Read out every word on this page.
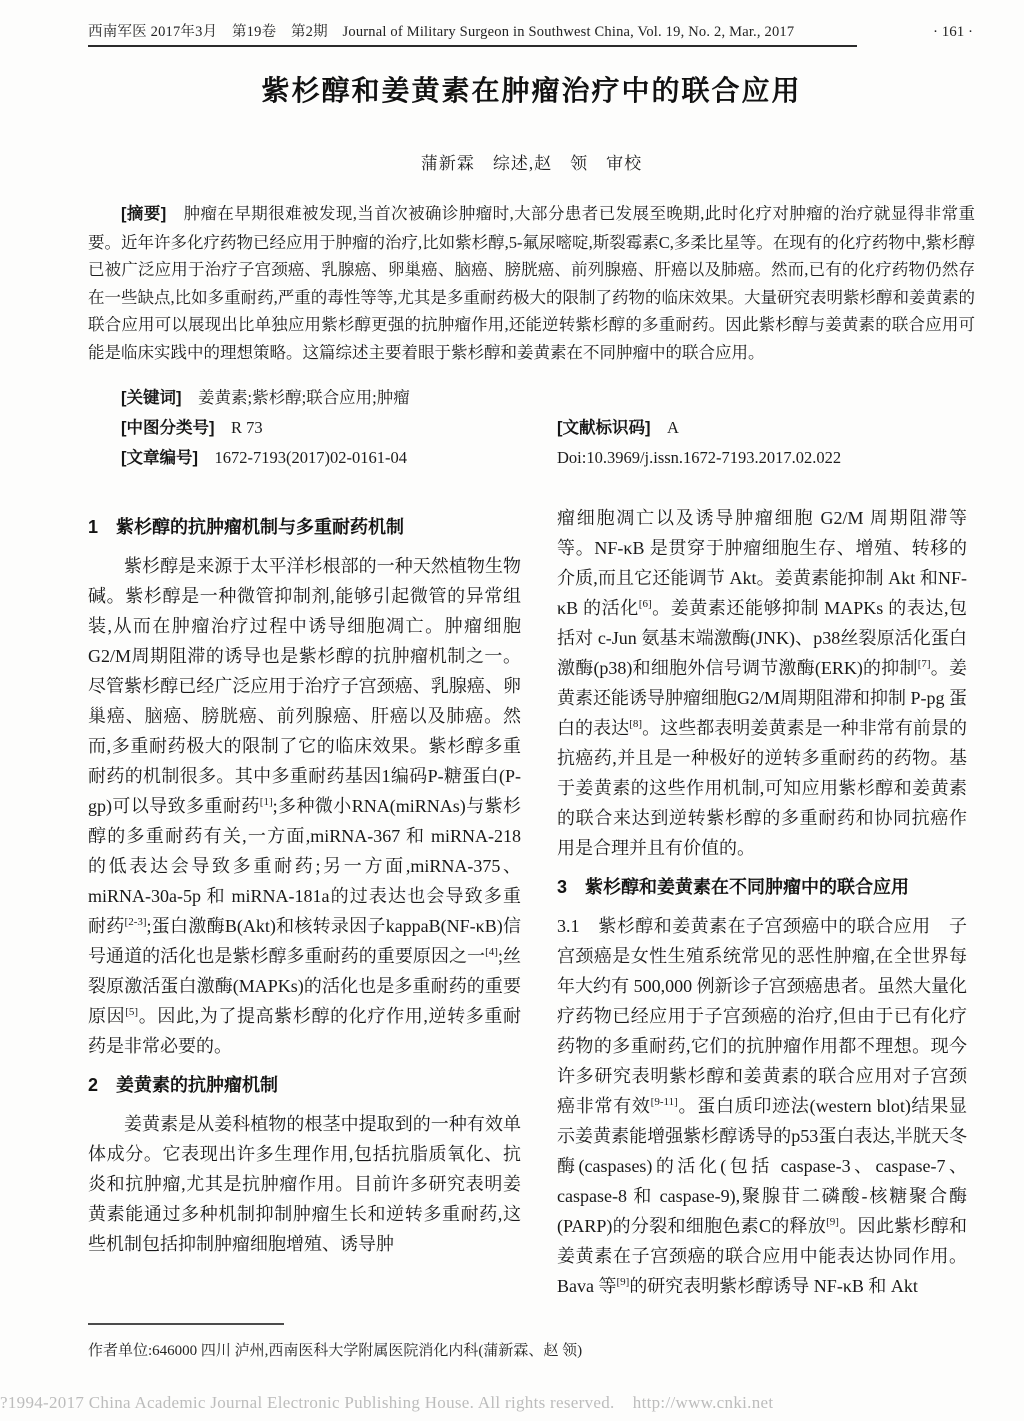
西南军医 2017年3月　第19卷　第2期　Journal of Military Surgeon in Southwest China, Vol. 19, No. 2, Mar., 2017	· 161 ·
紫杉醇和姜黄素在肿瘤治疗中的联合应用
蒲新霖　综述,赵　领　审校

[摘要]　 肿瘤在早期很难被发现,当首次被确诊肿瘤时,大部分患者已发展至晚期,此时化疗对肿瘤的治疗就显得非常重要。近年许多化疗药物已经应用于肿瘤的治疗,比如紫杉醇,5-氟尿嘧啶,斯裂霉素C,多柔比星等。在现有的化疗药物中,紫杉醇已被广泛应用于治疗子宫颈癌、乳腺癌、卵巢癌、脑癌、膀胱癌、前列腺癌、肝癌以及肺癌。然而,已有的化疗药物仍然存在一些缺点,比如多重耐药,严重的毒性等等,尤其是多重耐药极大的限制了药物的临床效果。大量研究表明紫杉醇和姜黄素的联合应用可以展现出比单独应用紫杉醇更强的抗肿瘤作用,还能逆转紫杉醇的多重耐药。因此紫杉醇与姜黄素的联合应用可能是临床实践中的理想策略。这篇综述主要着眼于紫杉醇和姜黄素在不同肿瘤中的联合应用。

[关键词]　 姜黄素;紫杉醇;联合应用;肿瘤

[中图分类号]　 R 73	[文献标识码]　 A
[文章编号]　 1672-7193(2017)02-0161-04	Doi:10.3969/j.issn.1672-7193.2017.02.022
1　紫杉醇的抗肿瘤机制与多重耐药机制

紫杉醇是来源于太平洋杉根部的一种天然植物生物碱。紫杉醇是一种微管抑制剂,能够引起微管的异常组装,从而在肿瘤治疗过程中诱导细胞凋亡。肿瘤细胞G2/M周期阻滞的诱导也是紫杉醇的抗肿瘤机制之一。尽管紫杉醇已经广泛应用于治疗子宫颈癌、乳腺癌、卵巢癌、脑癌、膀胱癌、前列腺癌、肝癌以及肺癌。然而,多重耐药极大的限制了它的临床效果。紫杉醇多重耐药的机制很多。其中多重耐药基因1编码P-糖蛋白(P-gp)可以导致多重耐药[1];多种微小RNA(miRNAs)与紫杉醇的多重耐药有关,一方面,miRNA-367 和 miRNA-218 的低表达会导致多重耐药;另一方面,miRNA-375、miRNA-30a-5p 和 miRNA-181a的过表达也会导致多重耐药[2-3];蛋白激酶B(Akt)和核转录因子kappaB(NF-κB)信号通道的活化也是紫杉醇多重耐药的重要原因之一[4];丝裂原激活蛋白激酶(MAPKs)的活化也是多重耐药的重要原因[5]。因此,为了提高紫杉醇的化疗作用,逆转多重耐药是非常必要的。

2　姜黄素的抗肿瘤机制

姜黄素是从姜科植物的根茎中提取到的一种有效单体成分。它表现出许多生理作用,包括抗脂质氧化、抗炎和抗肿瘤,尤其是抗肿瘤作用。目前许多研究表明姜黄素能通过多种机制抑制肿瘤生长和逆转多重耐药,这些机制包括抑制肿瘤细胞增殖、诱导肿

瘤细胞凋亡以及诱导肿瘤细胞 G2/M 周期阻滞等等。NF-κB 是贯穿于肿瘤细胞生存、增殖、转移的介质,而且它还能调节 Akt。姜黄素能抑制 Akt 和NF-κB 的活化[6]。姜黄素还能够抑制 MAPKs 的表达,包括对 c-Jun 氨基末端激酶(JNK)、p38丝裂原活化蛋白激酶(p38)和细胞外信号调节激酶(ERK)的抑制[7]。姜黄素还能诱导肿瘤细胞G2/M周期阻滞和抑制 P-pg 蛋白的表达[8]。这些都表明姜黄素是一种非常有前景的抗癌药,并且是一种极好的逆转多重耐药的药物。基于姜黄素的这些作用机制,可知应用紫杉醇和姜黄素的联合来达到逆转紫杉醇的多重耐药和协同抗癌作用是合理并且有价值的。

3　紫杉醇和姜黄素在不同肿瘤中的联合应用

3.1　紫杉醇和姜黄素在子宫颈癌中的联合应用　子宫颈癌是女性生殖系统常见的恶性肿瘤,在全世界每年大约有 500,000 例新诊子宫颈癌患者。虽然大量化疗药物已经应用于子宫颈癌的治疗,但由于已有化疗药物的多重耐药,它们的抗肿瘤作用都不理想。现今许多研究表明紫杉醇和姜黄素的联合应用对子宫颈癌非常有效[9-11]。蛋白质印迹法(western blot)结果显示姜黄素能增强紫杉醇诱导的p53蛋白表达,半胱天冬酶(caspases)的活化(包括 caspase-3、caspase-7、caspase-8 和 caspase-9),聚腺苷二磷酸-核糖聚合酶(PARP)的分裂和细胞色素C的释放[9]。因此紫杉醇和姜黄素在子宫颈癌的联合应用中能表达协同作用。Bava 等[9]的研究表明紫杉醇诱导 NF-κB 和 Akt

作者单位:646000 四川 泸州,西南医科大学附属医院消化内科(蒲新霖、赵 领)
?1994-2017 China Academic Journal Electronic Publishing House. All rights reserved.    http://www.cnki.net
